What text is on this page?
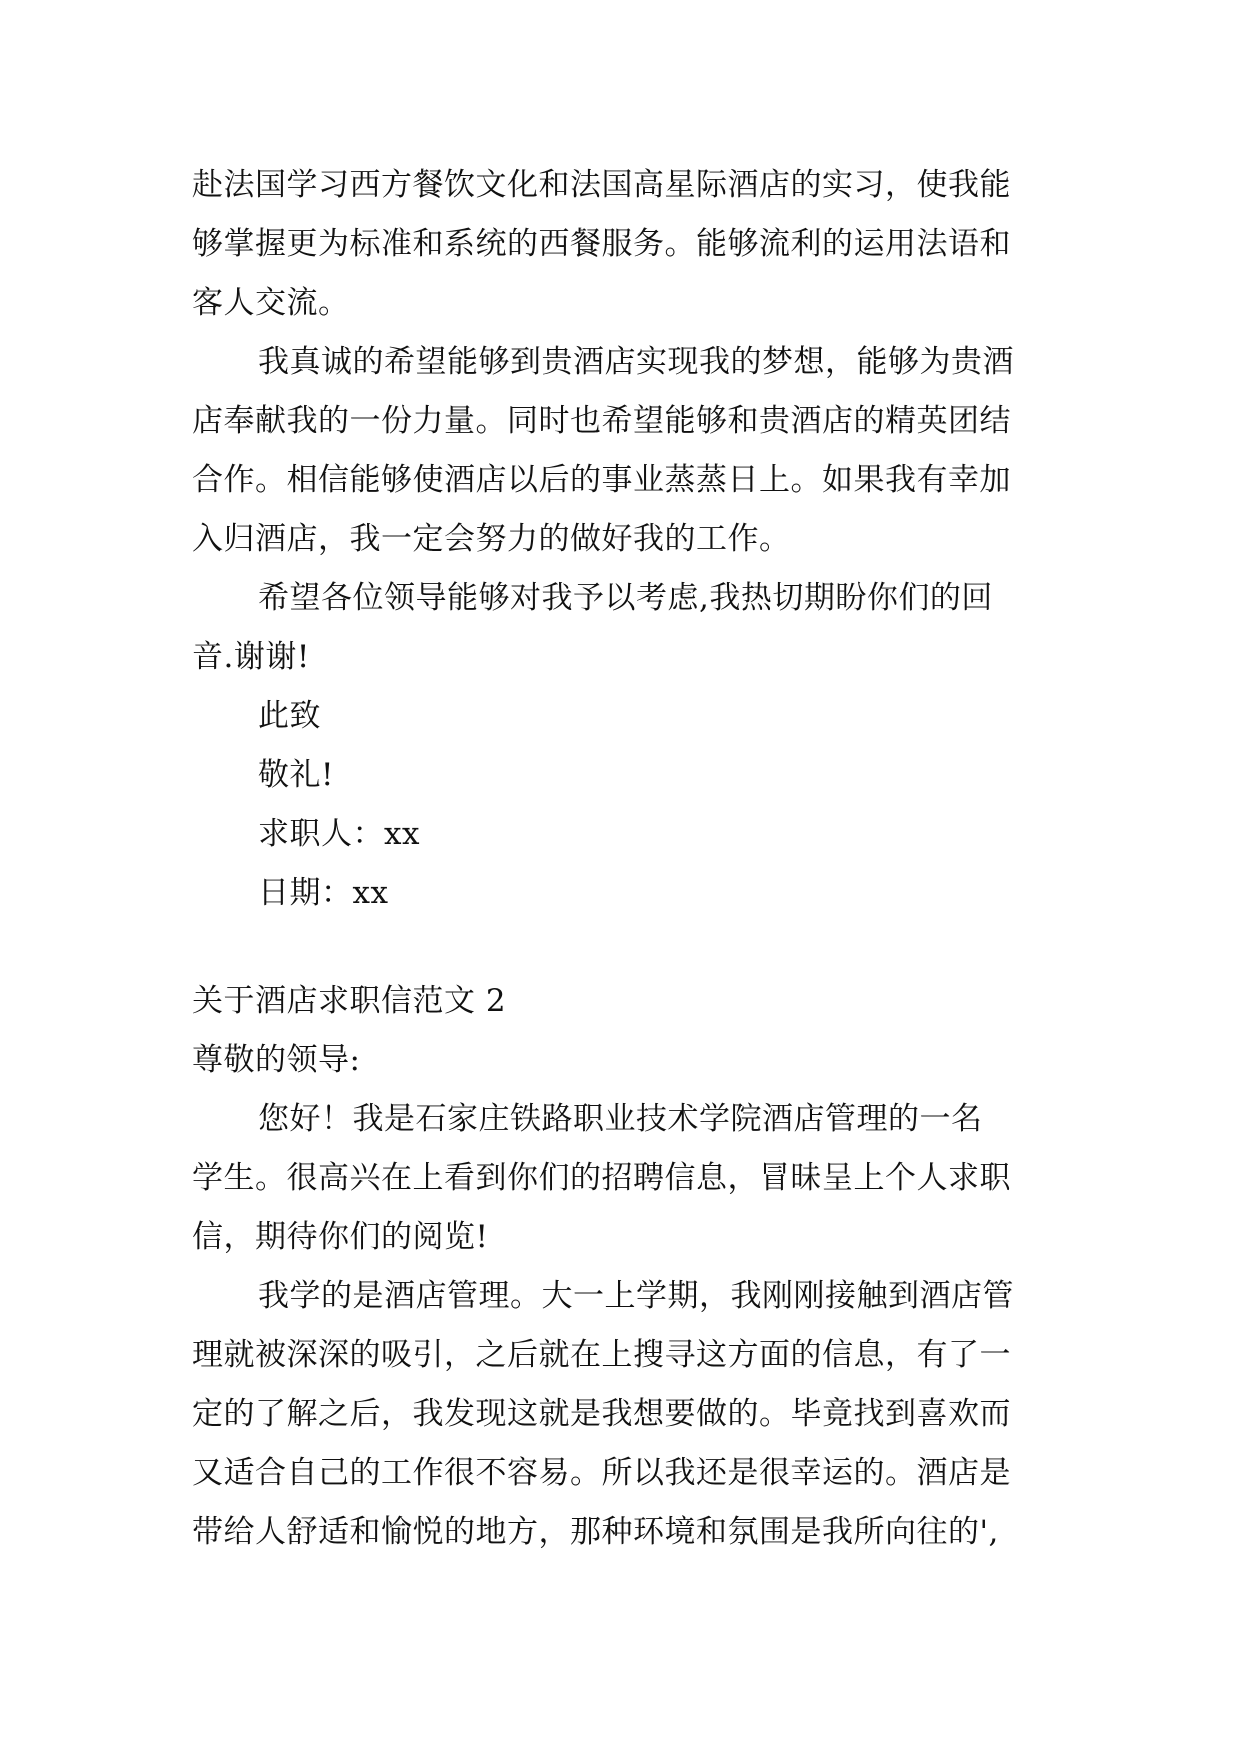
赴法国学习西方餐饮文化和法国高星际酒店的实习，使我能
够掌握更为标准和系统的西餐服务。能够流利的运用法语和
客人交流。
我真诚的希望能够到贵酒店实现我的梦想，能够为贵酒
店奉献我的一份力量。同时也希望能够和贵酒店的精英团结
合作。相信能够使酒店以后的事业蒸蒸日上。如果我有幸加
入归酒店，我一定会努力的做好我的工作。
希望各位领导能够对我予以考虑,我热切期盼你们的回
音.谢谢!
此致
敬礼!
求职人：xx
日期：xx
关于酒店求职信范文 2
尊敬的领导:
您好！我是石家庄铁路职业技术学院酒店管理的一名
学生。很高兴在上看到你们的招聘信息，冒昧呈上个人求职
信，期待你们的阅览!
我学的是酒店管理。大一上学期，我刚刚接触到酒店管
理就被深深的吸引，之后就在上搜寻这方面的信息，有了一
定的了解之后，我发现这就是我想要做的。毕竟找到喜欢而
又适合自己的工作很不容易。所以我还是很幸运的。酒店是
带给人舒适和愉悦的地方，那种环境和氛围是我所向往的',
